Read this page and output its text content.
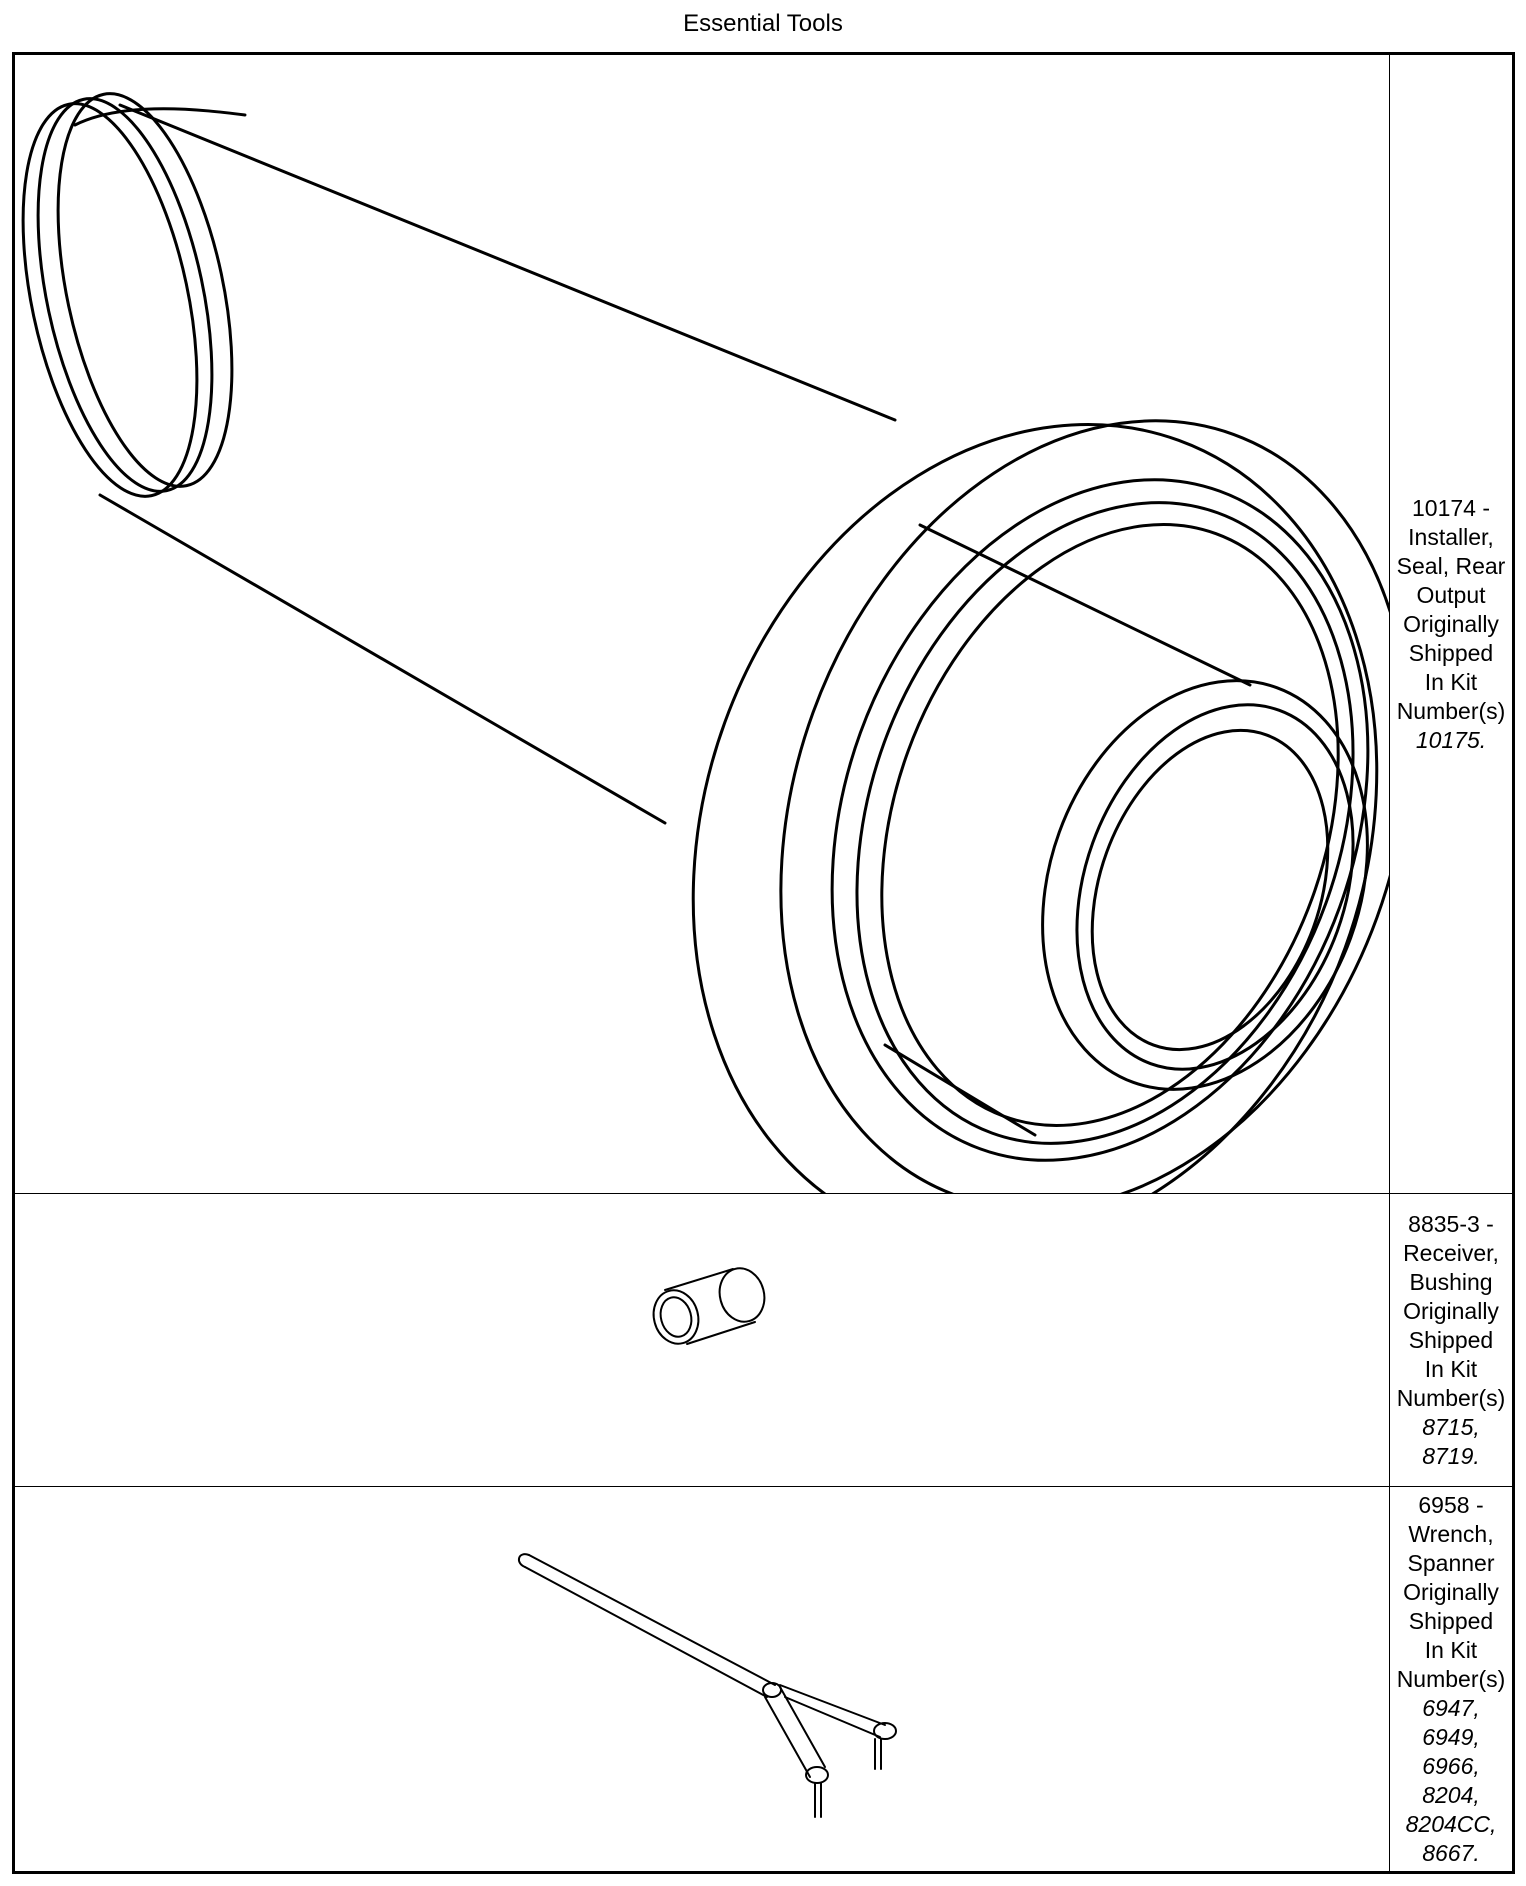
Essential Tools
10174 -
Installer,
Seal, Rear
Output
Originally
Shipped
In Kit
Number(s)
10175.
8835-3 -
Receiver,
Bushing
Originally
Shipped
In Kit
Number(s)
8715,
8719.
6958 -
Wrench,
Spanner
Originally
Shipped
In Kit
Number(s)
6947,
6949,
6966,
8204,
8204CC,
8667.
